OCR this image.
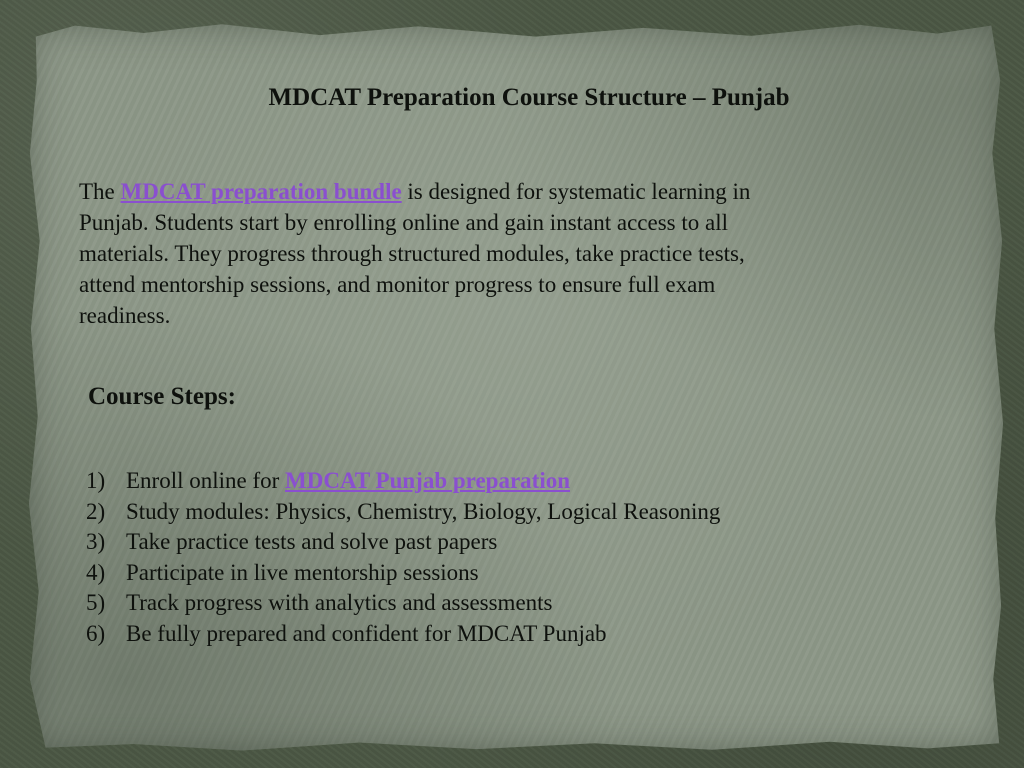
MDCAT Preparation Course Structure – Punjab

The MDCAT preparation bundle is designed for systematic learning in Punjab. Students start by enrolling online and gain instant access to all materials. They progress through structured modules, take practice tests, attend mentorship sessions, and monitor progress to ensure full exam readiness.

Course Steps:
1) Enroll online for MDCAT Punjab preparation
2) Study modules: Physics, Chemistry, Biology, Logical Reasoning
3) Take practice tests and solve past papers
4) Participate in live mentorship sessions
5) Track progress with analytics and assessments
6) Be fully prepared and confident for MDCAT Punjab
